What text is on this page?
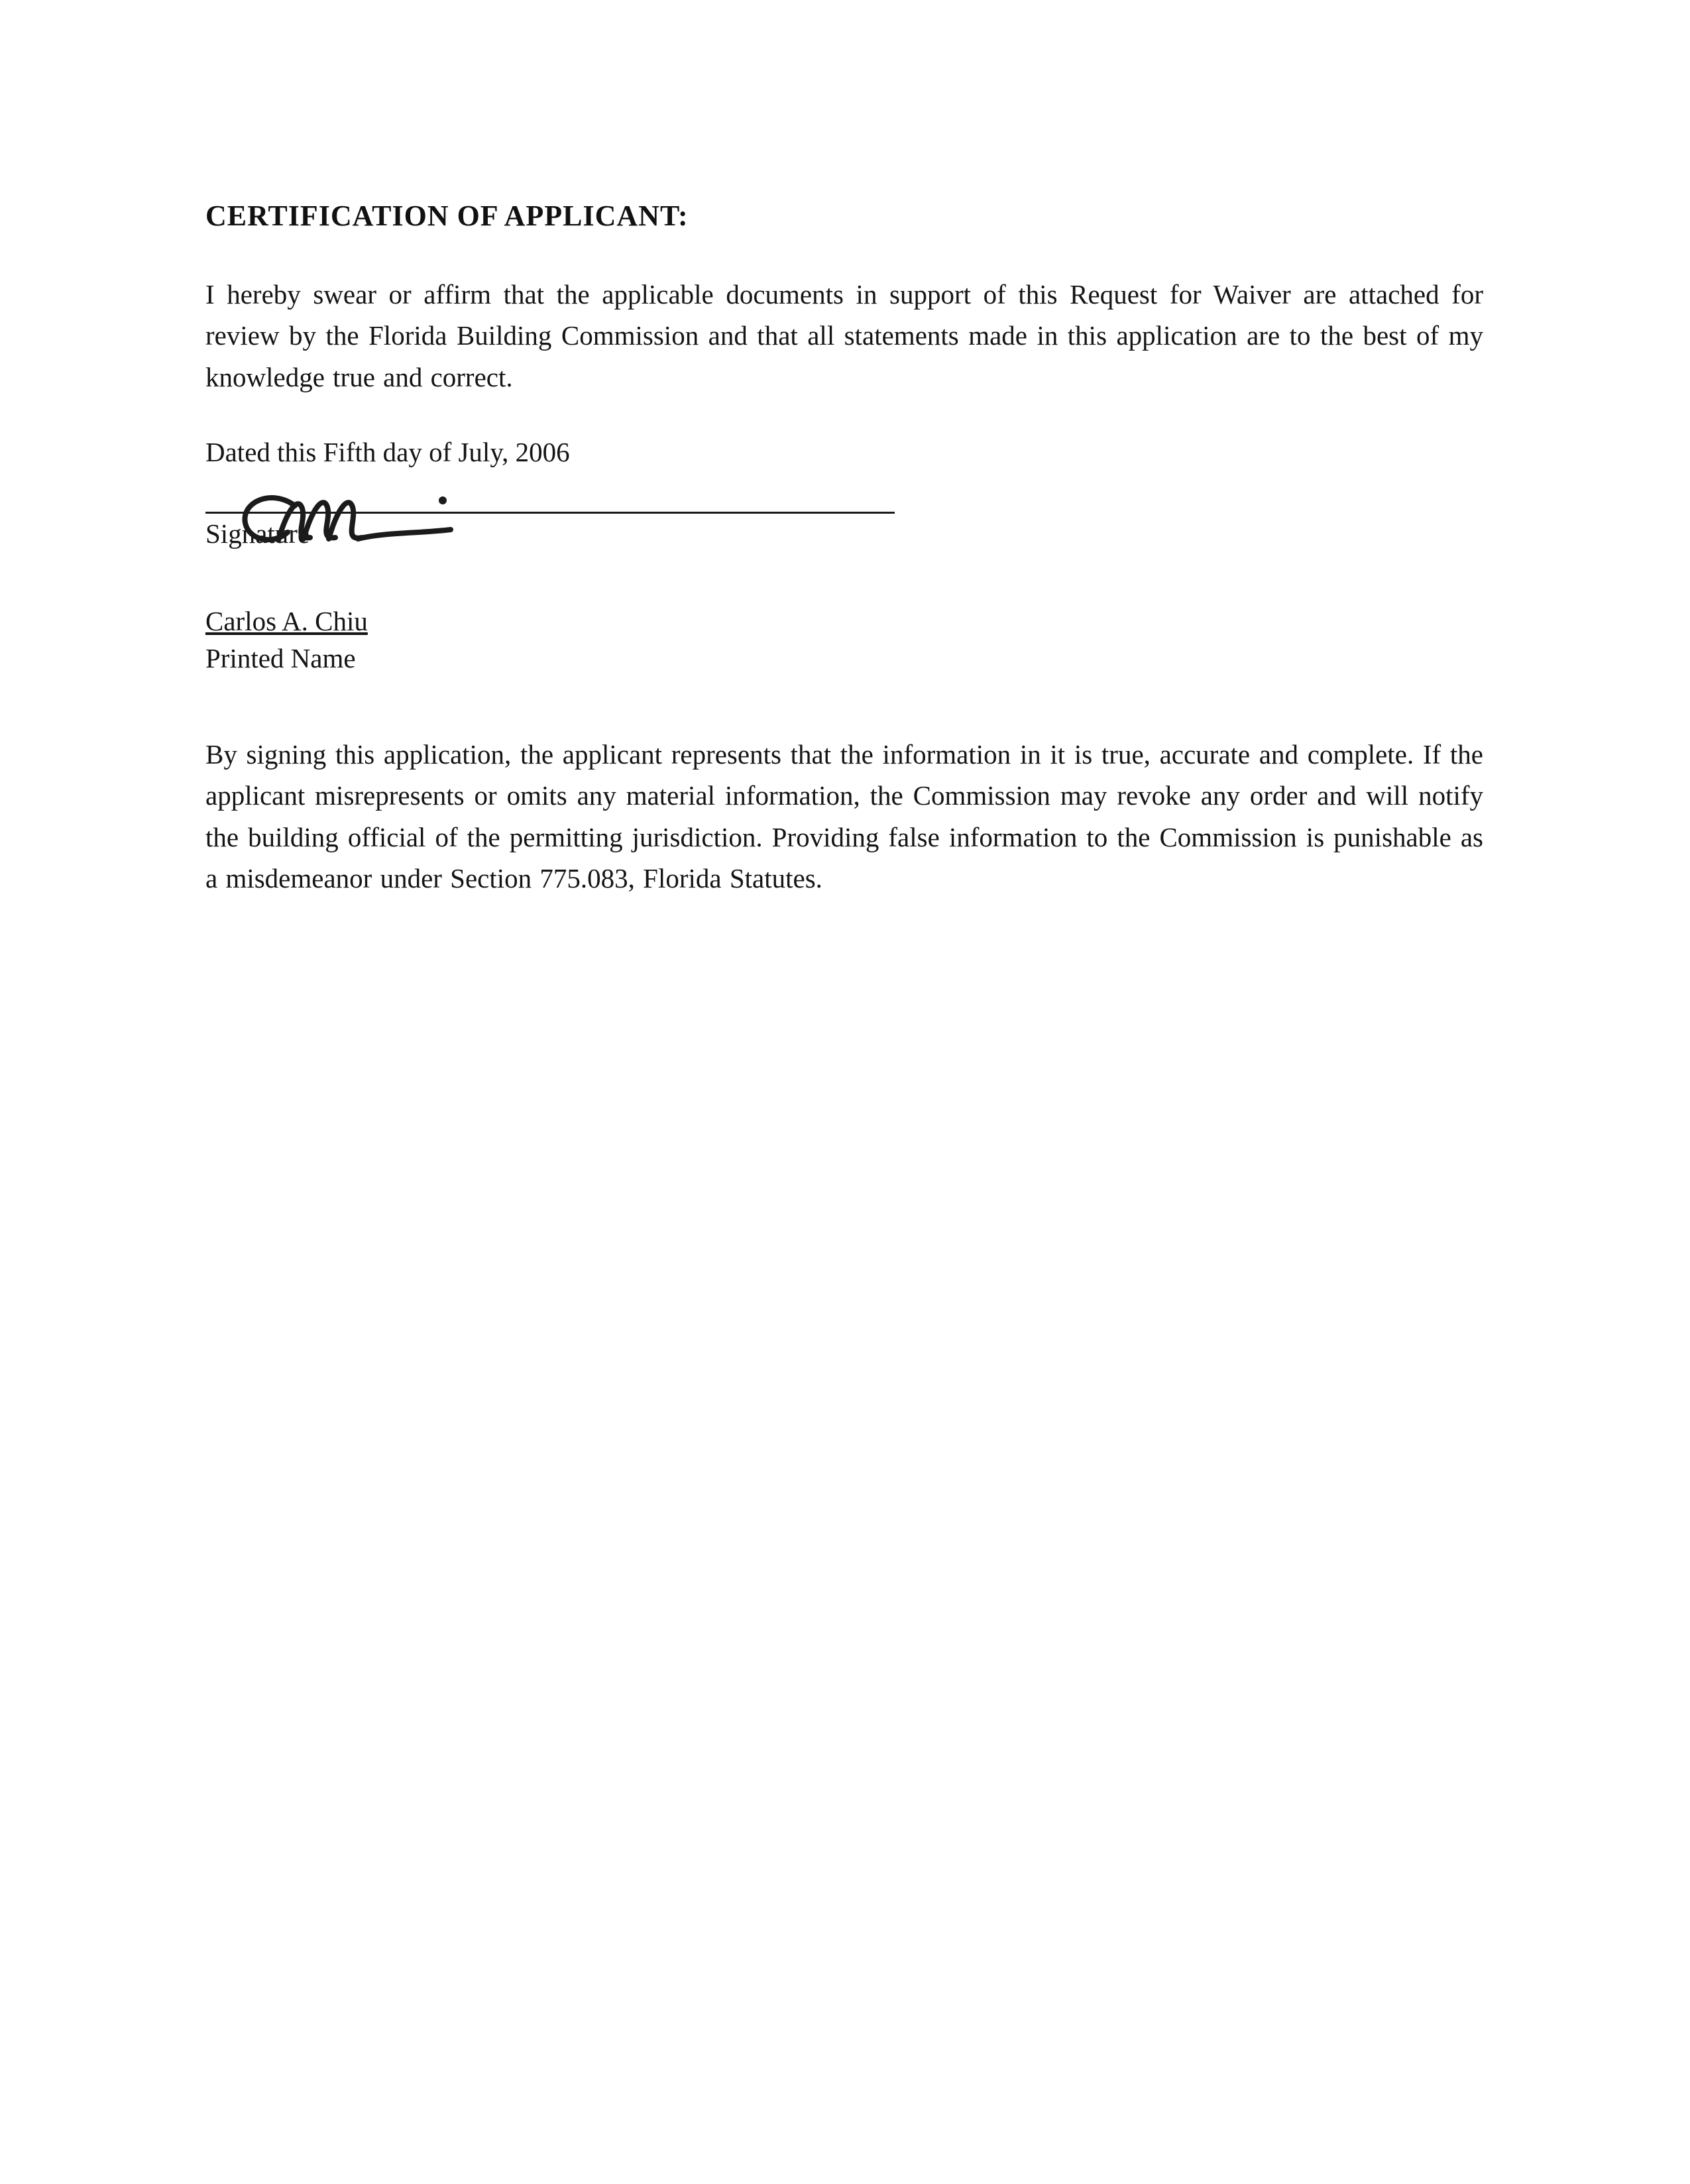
CERTIFICATION OF APPLICANT:

I hereby swear or affirm that the applicable documents in support of this Request for Waiver are attached for review by the Florida Building Commission and that all statements made in this application are to the best of my knowledge true and correct.

Dated this Fifth day of July, 2006

Signature
Carlos A. Chiu
Printed Name

By signing this application, the applicant represents that the information in it is true, accurate and complete. If the applicant misrepresents or omits any material information, the Commission may revoke any order and will notify the building official of the permitting jurisdiction. Providing false information to the Commission is punishable as a misdemeanor under Section 775.083, Florida Statutes.
